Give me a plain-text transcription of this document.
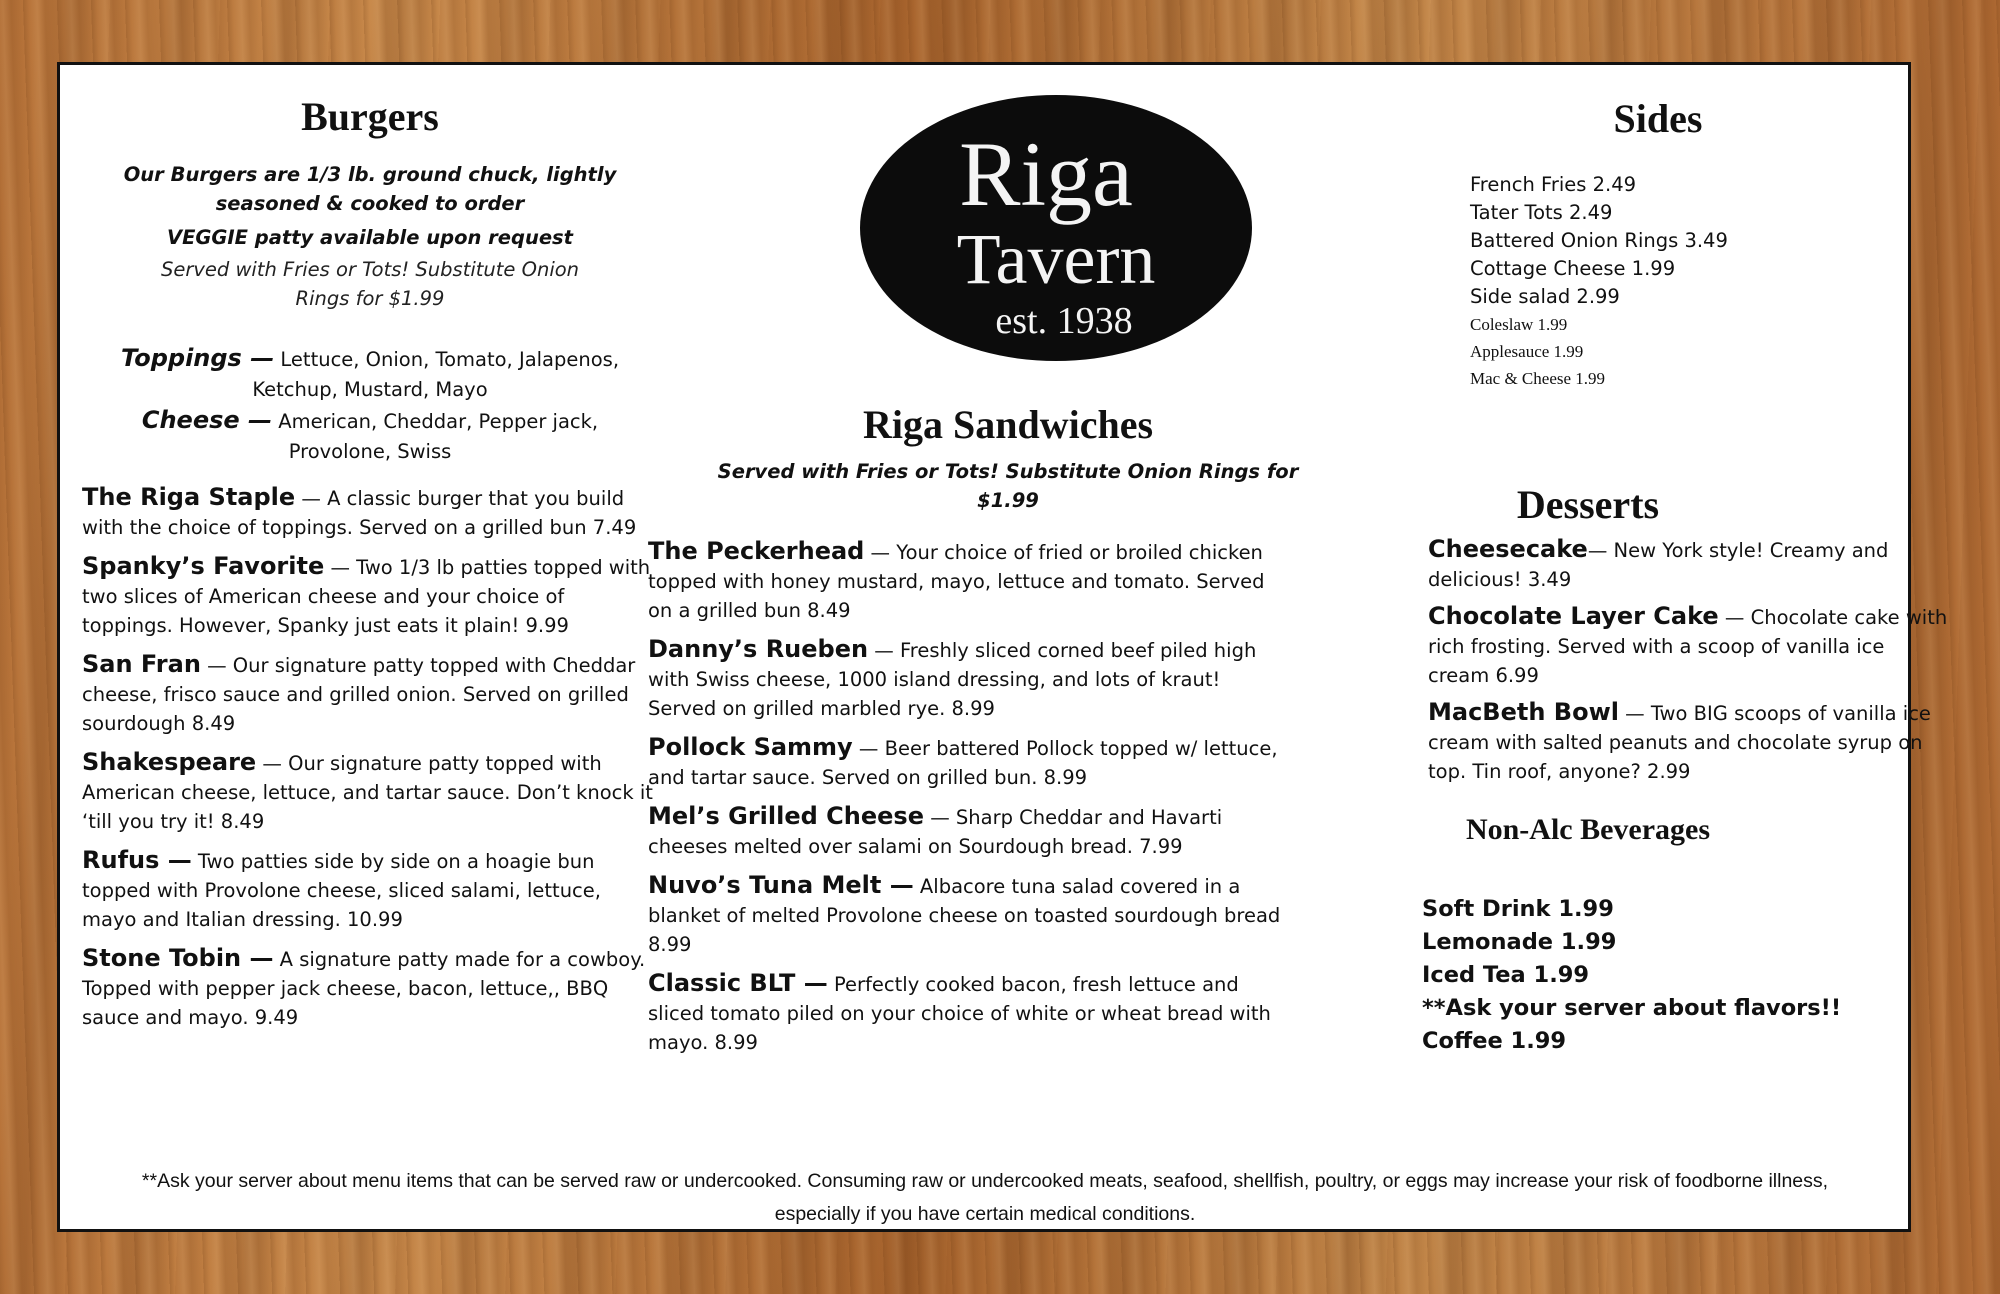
Burgers
Our Burgers are 1/3 lb. ground chuck, lightly seasoned & cooked to order
VEGGIE patty available upon request
Served with Fries or Tots! Substitute Onion Rings for $1.99
Toppings — Lettuce, Onion, Tomato, Jalapenos, Ketchup, Mustard, Mayo
Cheese — American, Cheddar, Pepper jack, Provolone, Swiss

The Riga Staple — A classic burger that you build with the choice of toppings. Served on a grilled bun 7.49

Spanky’s Favorite — Two 1/3 lb patties topped with two slices of American cheese and your choice of toppings. However, Spanky just eats it plain! 9.99

San Fran — Our signature patty topped with Cheddar cheese, frisco sauce and grilled onion. Served on grilled sourdough 8.49

Shakespeare — Our signature patty topped with American cheese, lettuce, and tartar sauce. Don’t knock it ‘till you try it! 8.49

Rufus — Two patties side by side on a hoagie bun topped with Provolone cheese, sliced salami, lettuce, mayo and Italian dressing. 10.99

Stone Tobin — A signature patty made for a cowboy. Topped with pepper jack cheese, bacon, lettuce,, BBQ sauce and mayo. 9.49

Riga
Tavern
est. 1938
Riga Sandwiches
Served with Fries or Tots! Substitute Onion Rings for $1.99

The Peckerhead — Your choice of fried or broiled chicken topped with honey mustard, mayo, lettuce and tomato. Served on a grilled bun 8.49

Danny’s Rueben — Freshly sliced corned beef piled high with Swiss cheese, 1000 island dressing, and lots of kraut! Served on grilled marbled rye. 8.99

Pollock Sammy — Beer battered Pollock topped w/ lettuce, and tartar sauce. Served on grilled bun. 8.99

Mel’s Grilled Cheese — Sharp Cheddar and Havarti cheeses melted over salami on Sourdough bread. 7.99

Nuvo’s Tuna Melt — Albacore tuna salad covered in a blanket of melted Provolone cheese on toasted sourdough bread 8.99

Classic BLT — Perfectly cooked bacon, fresh lettuce and sliced tomato piled on your choice of white or wheat bread with mayo. 8.99

Sides
French Fries 2.49
Tater Tots 2.49
Battered Onion Rings 3.49
Cottage Cheese 1.99
Side salad 2.99
Coleslaw 1.99
Applesauce 1.99
Mac & Cheese 1.99
Desserts

Cheesecake— New York style! Creamy and delicious! 3.49

Chocolate Layer Cake — Chocolate cake with rich frosting. Served with a scoop of vanilla ice cream 6.99

MacBeth Bowl — Two BIG scoops of vanilla ice cream with salted peanuts and chocolate syrup on top. Tin roof, anyone? 2.99

Non-Alc Beverages
Soft Drink 1.99
Lemonade 1.99
Iced Tea 1.99
**Ask your server about flavors!!
Coffee 1.99
**Ask your server about menu items that can be served raw or undercooked. Consuming raw or undercooked meats, seafood, shellfish, poultry, or eggs may increase your risk of foodborne illness,
especially if you have certain medical conditions.
